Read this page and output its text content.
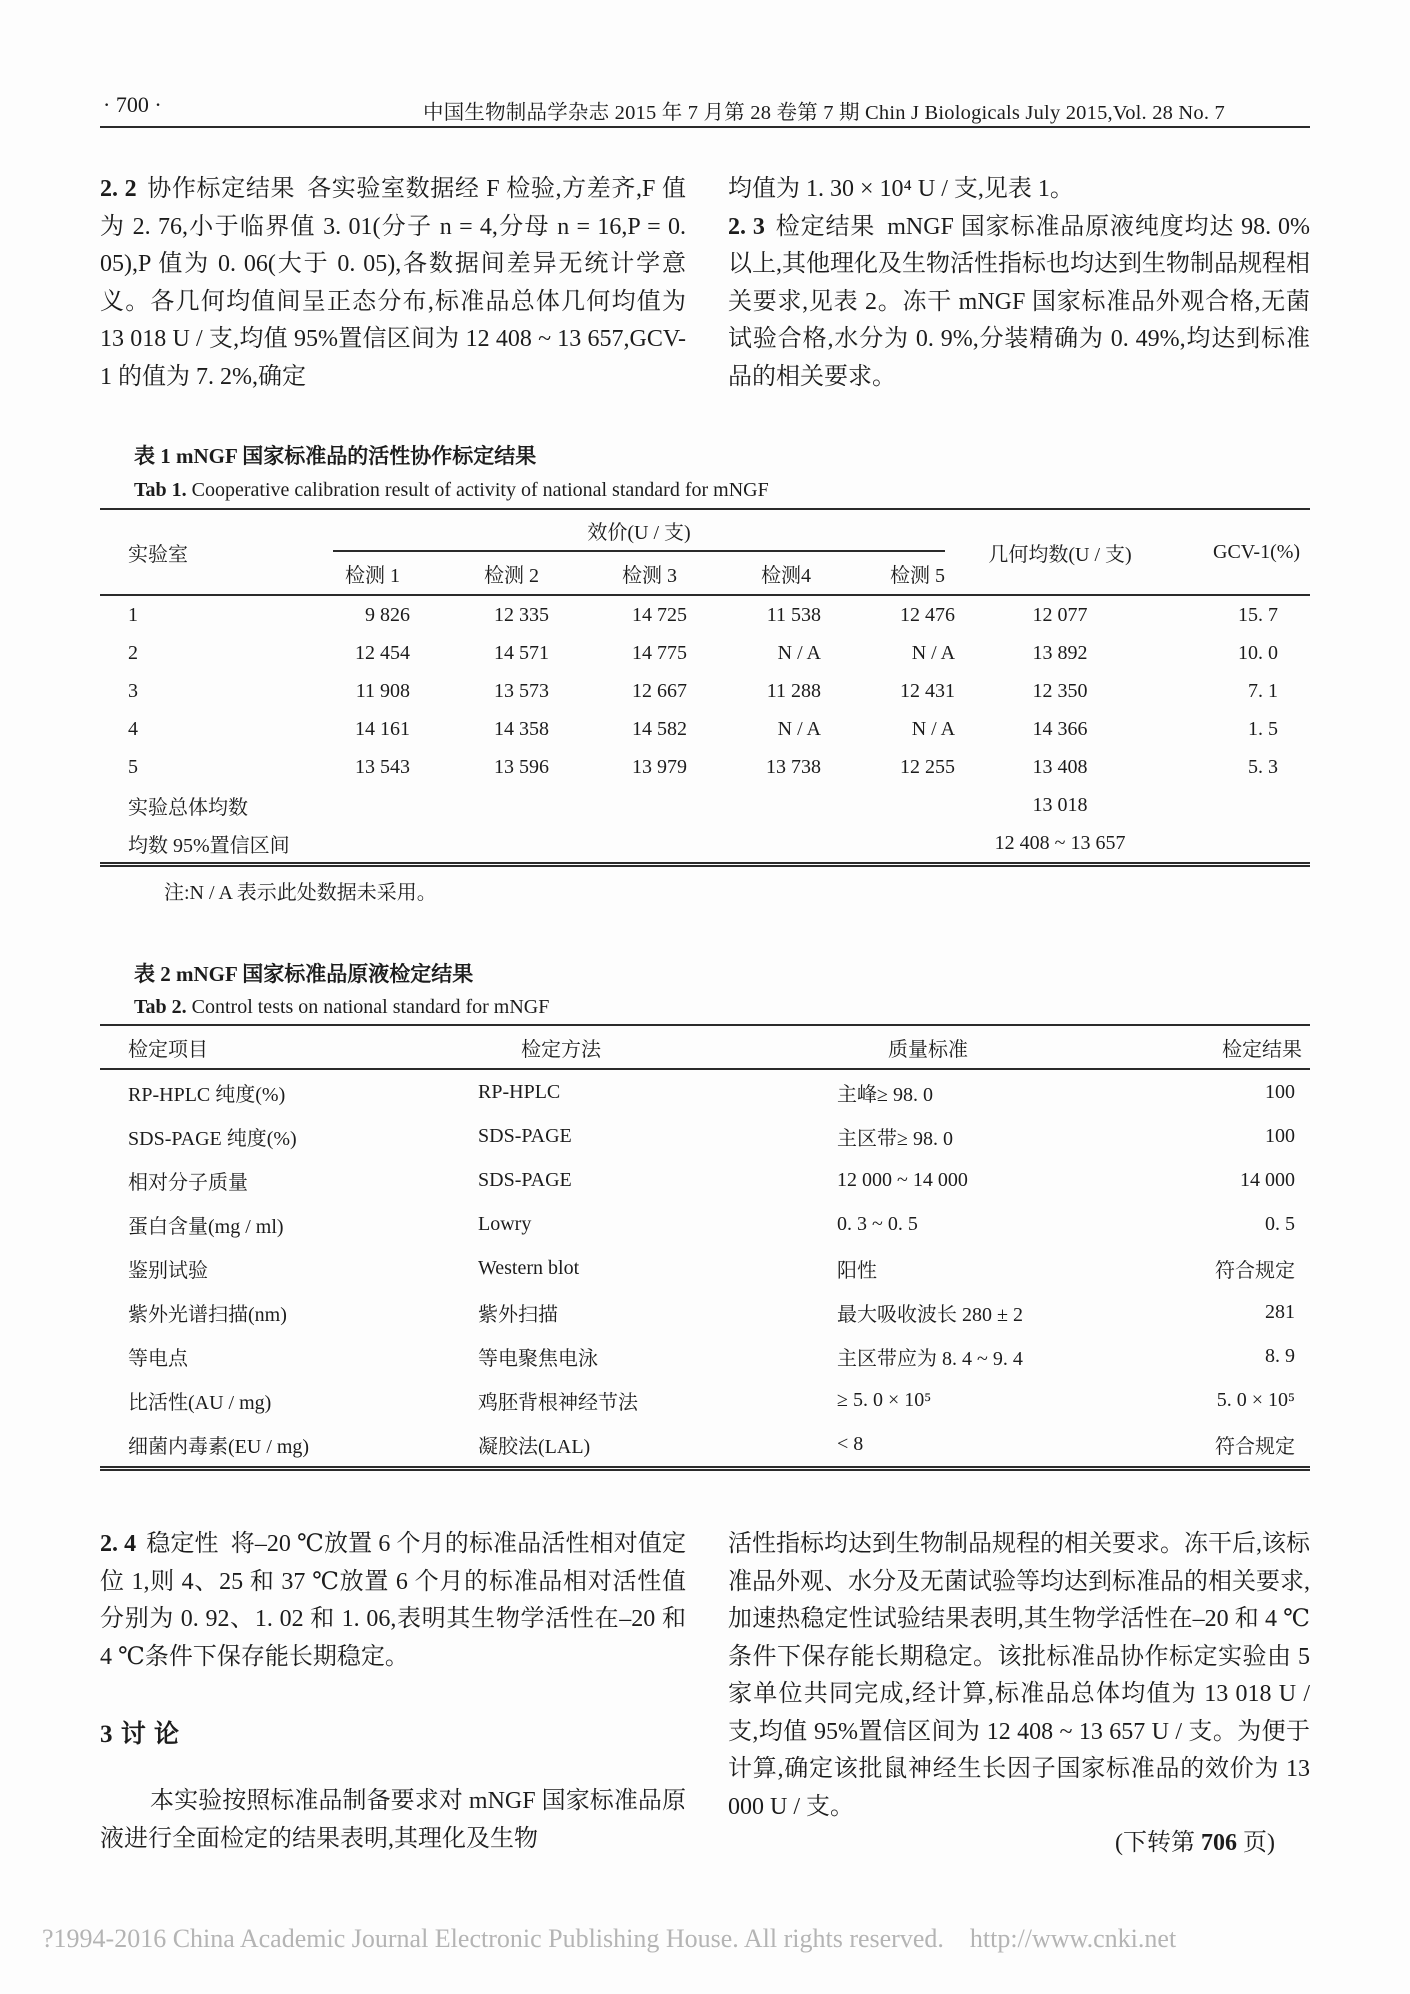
· 700 ·	中国生物制品学杂志 2015 年 7 月第 28 卷第 7 期 Chin J Biologicals July 2015,Vol. 28 No. 7

2. 2 协作标定结果 各实验室数据经 F 检验,方差齐,F 值为 2. 76,小于临界值 3. 01(分子 n = 4,分母 n = 16,P = 0. 05),P 值为 0. 06(大于 0. 05),各数据间差异无统计学意义。各几何均值间呈正态分布,标准品总体几何均值为 13 018 U / 支,均值 95%置信区间为 12 408 ~ 13 657,GCV-1 的值为 7. 2%,确定

均值为 1. 30 × 10⁴ U / 支,见表 1。

2. 3 检定结果 mNGF 国家标准品原液纯度均达 98. 0%以上,其他理化及生物活性指标也均达到生物制品规程相关要求,见表 2。冻干 mNGF 国家标准品外观合格,无菌试验合格,水分为 0. 9%,分装精确为 0. 49%,均达到标准品的相关要求。

表 1 mNGF 国家标准品的活性协作标定结果
Tab 1. Cooperative calibration result of activity of national standard for mNGF
实验室	效价(U / 支)					几何均数(U / 支)	GCV-1(%)
	检测 1	检测 2	检测 3	检测4	检测 5		
1	9 826	12 335	14 725	11 538	12 476	12 077	15. 7
2	12 454	14 571	14 775	N / A	N / A	13 892	10. 0
3	11 908	13 573	12 667	11 288	12 431	12 350	7. 1
4	14 161	14 358	14 582	N / A	N / A	14 366	1. 5
5	13 543	13 596	13 979	13 738	12 255	13 408	5. 3
实验总体均数						13 018	
均数 95%置信区间						12 408 ~ 13 657	
注:N / A 表示此处数据未采用。
表 2 mNGF 国家标准品原液检定结果
Tab 2. Control tests on national standard for mNGF
检定项目	检定方法	质量标准	检定结果
RP-HPLC 纯度(%)	RP-HPLC	主峰≥ 98. 0	100
SDS-PAGE 纯度(%)	SDS-PAGE	主区带≥ 98. 0	100
相对分子质量	SDS-PAGE	12 000 ~ 14 000	14 000
蛋白含量(mg / ml)	Lowry	0. 3 ~ 0. 5	0. 5
鉴别试验	Western blot	阳性	符合规定
紫外光谱扫描(nm)	紫外扫描	最大吸收波长 280 ± 2	281
等电点	等电聚焦电泳	主区带应为 8. 4 ~ 9. 4	8. 9
比活性(AU / mg)	鸡胚背根神经节法	≥ 5. 0 × 10⁵	5. 0 × 10⁵
细菌内毒素(EU / mg)	凝胶法(LAL)	< 8	符合规定

2. 4 稳定性 将–20 ℃放置 6 个月的标准品活性相对值定位 1,则 4、25 和 37 ℃放置 6 个月的标准品相对活性值分别为 0. 92、1. 02 和 1. 06,表明其生物学活性在–20 和 4 ℃条件下保存能长期稳定。

3 讨 论

本实验按照标准品制备要求对 mNGF 国家标准品原液进行全面检定的结果表明,其理化及生物

活性指标均达到生物制品规程的相关要求。冻干后,该标准品外观、水分及无菌试验等均达到标准品的相关要求,加速热稳定性试验结果表明,其生物学活性在–20 和 4 ℃条件下保存能长期稳定。该批标准品协作标定实验由 5 家单位共同完成,经计算,标准品总体均值为 13 018 U / 支,均值 95%置信区间为 12 408 ~ 13 657 U / 支。为便于计算,确定该批鼠神经生长因子国家标准品的效价为 13 000 U / 支。

(下转第 706 页)
?1994-2016 China Academic Journal Electronic Publishing House. All rights reserved.    http://www.cnki.net
